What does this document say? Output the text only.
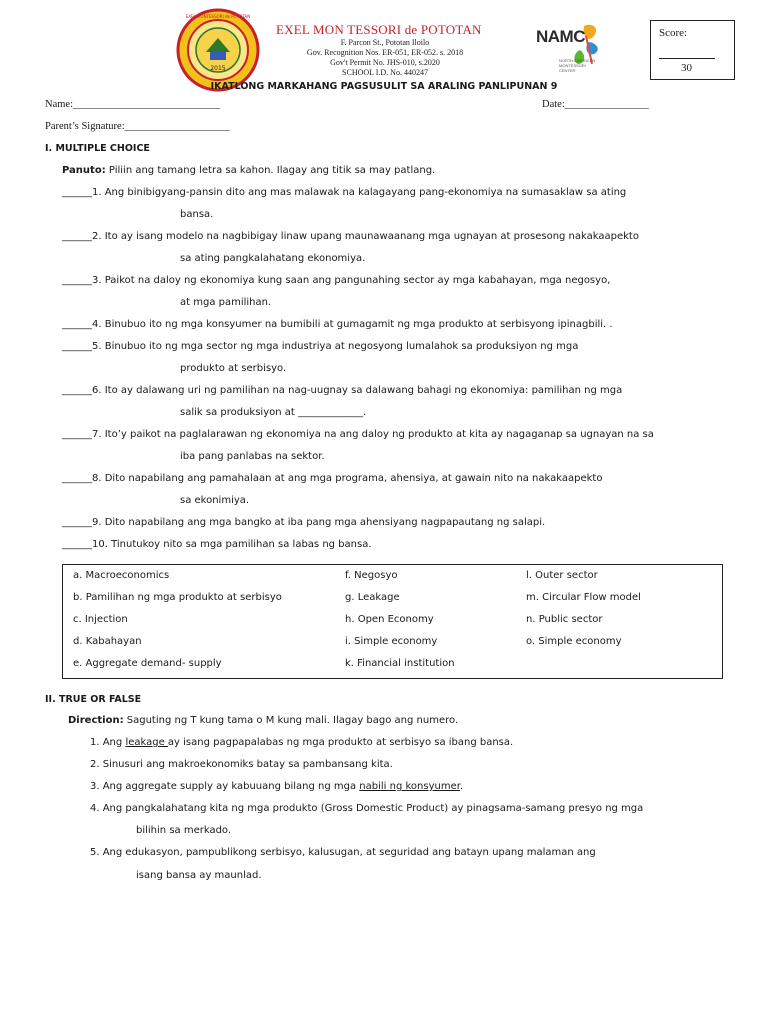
2015
EXEL MONTESSORI de POTOTAN
EXEL MON TESSORI de POTOTAN
F. Parcon St., Pototan Iloilo
Gov. Recognition Nos. ER-051, ER-052. s. 2018
Gov't Permit No. JHS-010, s.2020
SCHOOL I.D. No. 440247
NAMC
NORTH AMERICAN MONTESSORI CENTER
Score:
30
IKATLONG MARKAHANG PAGSUSULIT SA ARALING PANLIPUNAN 9
Name:____________________________	Date:________________
Parent’s Signature:____________________
I. MULTIPLE CHOICE
Panuto: Piliin ang tamang letra sa kahon. Ilagay ang titik sa may patlang.
______1. Ang binibigyang-pansin dito ang mas malawak na kalagayang pang-ekonomiya na sumasaklaw sa ating
bansa.
______2. Ito ay isang modelo na nagbibigay linaw upang maunawaanang mga ugnayan at prosesong nakakaapekto
sa ating pangkalahatang ekonomiya.
______3. Paikot na daloy ng ekonomiya kung saan ang pangunahing sector ay mga kabahayan, mga negosyo,
at mga pamilihan.
______4. Binubuo ito ng mga konsyumer na bumibili at gumagamit ng mga produkto at serbisyong ipinagbili. .
______5. Binubuo ito ng mga sector ng mga industriya at negosyong lumalahok sa produksiyon ng mga
produkto at serbisyo.
______6. Ito ay dalawang uri ng pamilihan na nag-uugnay sa dalawang bahagi ng ekonomiya: pamilihan ng mga
salik sa produksiyon at _____________.
______7. Ito’y paikot na paglalarawan ng ekonomiya na ang daloy ng produkto at kita ay nagaganap sa ugnayan na sa
iba pang panlabas na sektor.
______8. Dito napabilang ang pamahalaan at ang mga programa, ahensiya, at gawain nito na nakakaapekto
sa ekonimiya.
______9. Dito napabilang ang mga bangko at iba pang mga ahensiyang nagpapautang ng salapi.
______10. Tinutukoy nito sa mga pamilihan sa labas ng bansa.
a. Macroeconomics
b. Pamilihan ng mga produkto at serbisyo
c. Injection
d. Kabahayan
e. Aggregate demand- supply
f. Negosyo
g. Leakage
h. Open Economy
i. Simple economy
k. Financial institution
l. Outer sector
m. Circular Flow model
n. Public sector
o. Simple economy
II. TRUE OR FALSE
Direction: Saguting ng T kung tama o M kung mali. Ilagay bago ang numero.
1. Ang leakage ay isang pagpapalabas ng mga produkto at serbisyo sa ibang bansa.
2. Sinusuri ang makroekonomiks batay sa pambansang kita.
3. Ang aggregate supply ay kabuuang bilang ng mga nabili ng konsyumer.
4. Ang pangkalahatang kita ng mga produkto (Gross Domestic Product) ay pinagsama-samang presyo ng mga
bilihin sa merkado.
5. Ang edukasyon, pampublikong serbisyo, kalusugan, at seguridad ang batayn upang malaman ang
isang bansa ay maunlad.
